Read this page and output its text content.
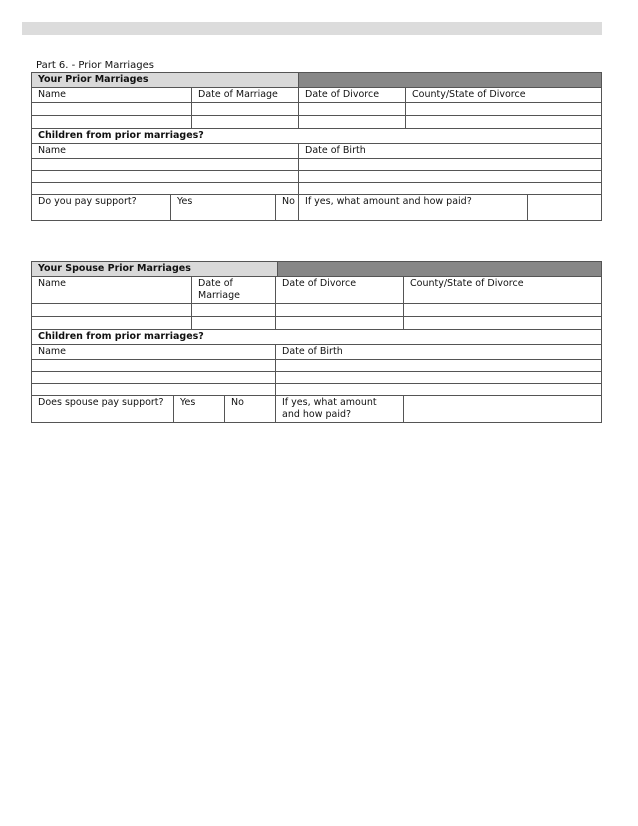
Part 6. - Prior Marriages
Your Prior Marriages						
Name		Date of Marriage		Date of Divorce	County/State of Divorce	

Children from prior marriages?						
Name				Date of Birth		

Do you pay support?	Yes		No	If yes, what amount and how paid?		
Your Spouse Prior Marriages						
Name		Date of Marriage		Date of Divorce		County/State of Divorce

Children from prior marriages?						
Name				Date of Birth		

Does spouse pay support?	Yes		No	If yes, what amount and how paid?		
